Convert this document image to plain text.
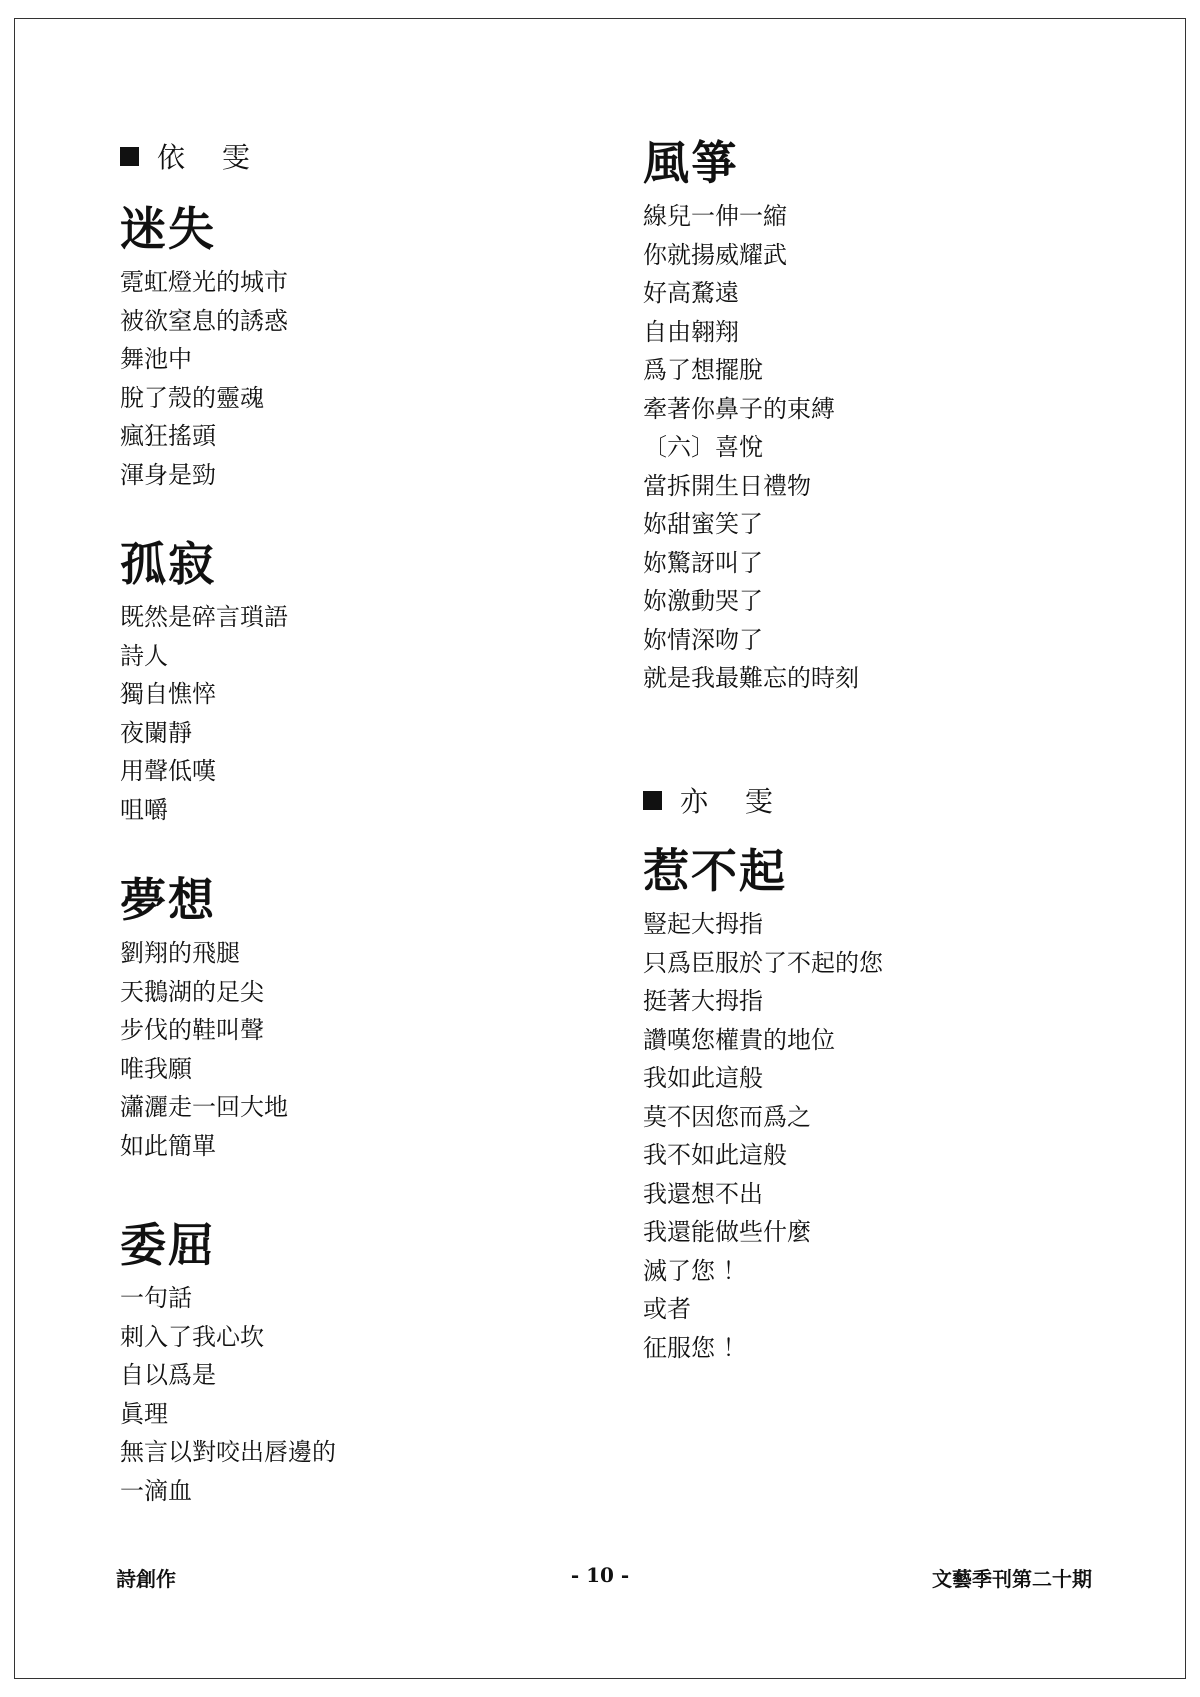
依 雯
迷失
霓虹燈光的城市
被欲窒息的誘惑
舞池中
脫了殼的靈魂
瘋狂搖頭
渾身是勁
孤寂
既然是碎言瑣語
詩人
獨自憔悴
夜闌靜
用聲低嘆
咀嚼
夢想
劉翔的飛腿
天鵝湖的足尖
步伐的鞋叫聲
唯我願
瀟灑走一回大地
如此簡單
委屈
一句話
刺入了我心坎
自以爲是
眞理
無言以對咬出唇邊的
一滴血
風箏
線兒一伸一縮
你就揚威耀武
好高騖遠
自由翱翔
爲了想擺脫
牽著你鼻子的束縛
〔六〕喜悅
當拆開生日禮物
妳甜蜜笑了
妳驚訝叫了
妳激動哭了
妳情深吻了
就是我最難忘的時刻
亦 雯
惹不起
豎起大拇指
只爲臣服於了不起的您
挺著大拇指
讚嘆您權貴的地位
我如此這般
莫不因您而爲之
我不如此這般
我還想不出
我還能做些什麼
滅了您 ！
或者
征服您 ！
詩創作	- 10 -	文藝季刊第二十期
